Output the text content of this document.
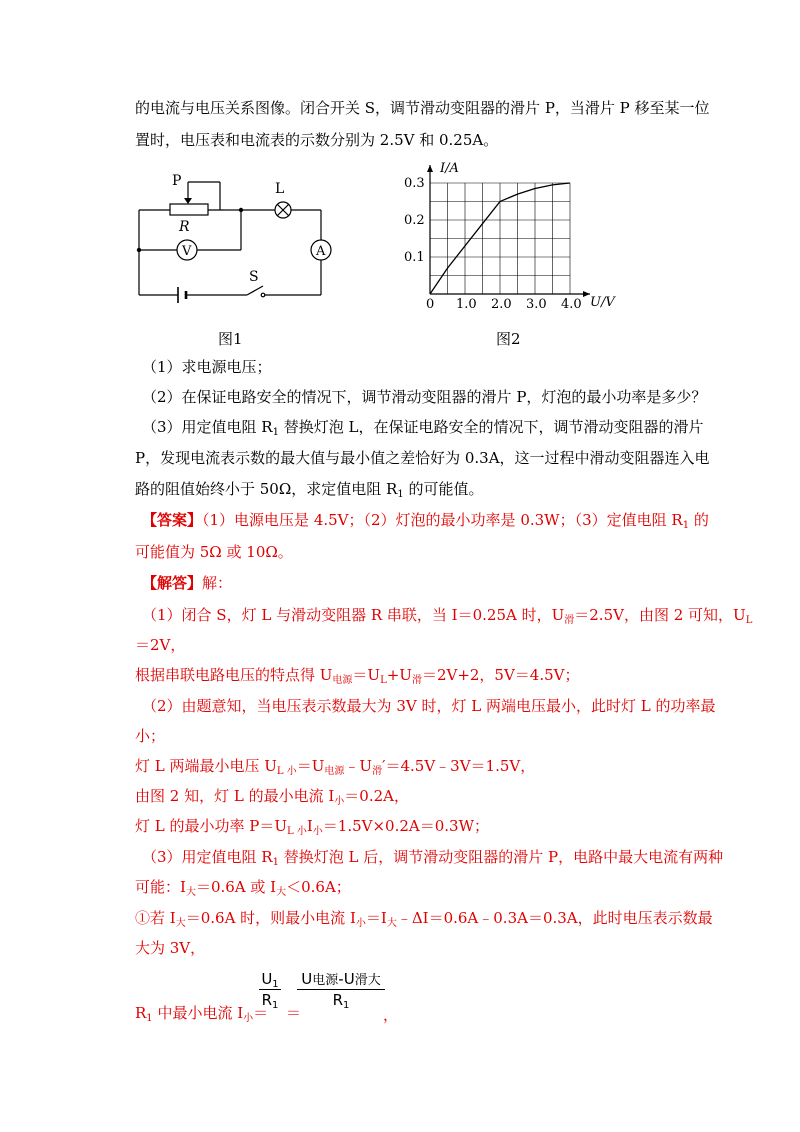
的电流与电压关系图像。闭合开关 S，调节滑动变阻器的滑片 P，当滑片 P 移至某一位
置时，电压表和电流表的示数分别为 2.5V 和 0.25A。
P
R
L
S
V	A
图1
1.0 2.0 3.0 4.0
0.1
0.2
0.3
I/A
U/V
0
图2
（1）求电源电压；
（2）在保证电路安全的情况下，调节滑动变阻器的滑片 P，灯泡的最小功率是多少？
（3）用定值电阻 $R_1$ 替换灯泡 L，在保证电路安全的情况下，调节滑动变阻器的滑片
P，发现电流表示数的最大值与最小值之差恰好为 0.3A，这一过程中滑动变阻器连入电
路的阻值始终小于 50Ω，求定值电阻 $R_1$ 的可能值。
【答案】（1）电源电压是 4.5V；（2）灯泡的最小功率是 0.3W；（3）定值电阻 $R_1$ 的
可能值为 5Ω 或 10Ω。
【解答】解：
（1）闭合 S，灯 L 与滑动变阻器 R 串联，当 I＝0.25A 时，$U_滑=2.5V$，由图 2 可知，$U_L$
＝2V，
根据串联电路电压的特点得 $U_{电源}=U_L+U_滑=2V+2$，5V＝4.5V；
（2）由题意知，当电压表示数最大为 3V 时，灯 L 两端电压最小，此时灯 L 的功率最
小；
灯 L 两端最小电压 $U_{L 小}=U_{电源}﹣U_滑'=4.5V﹣3V=1.5V$，
由图 2 知，灯 L 的最小电流 $I_小=0.2A$，
灯 L 的最小功率 $P=U_{L 小}I_小=1.5V\times 0.2A=0.3W$；
（3）用定值电阻 $R_1$ 替换灯泡 L 后，调节滑动变阻器的滑片 P，电路中最大电流有两种
可能：$I_大=0.6A$ 或 $I_大<0.6A$；
①若 $I_大=0.6A$ 时，则最小电流 $I_小=I_大﹣\Delta I=0.6A﹣0.3A=0.3A$，此时电压表示数最
大为 3V，
$R_1$ 中最小电流 $I_小=$
$U_1$
$R_1$ ＝
U电源-U滑大
$R_1$
，
